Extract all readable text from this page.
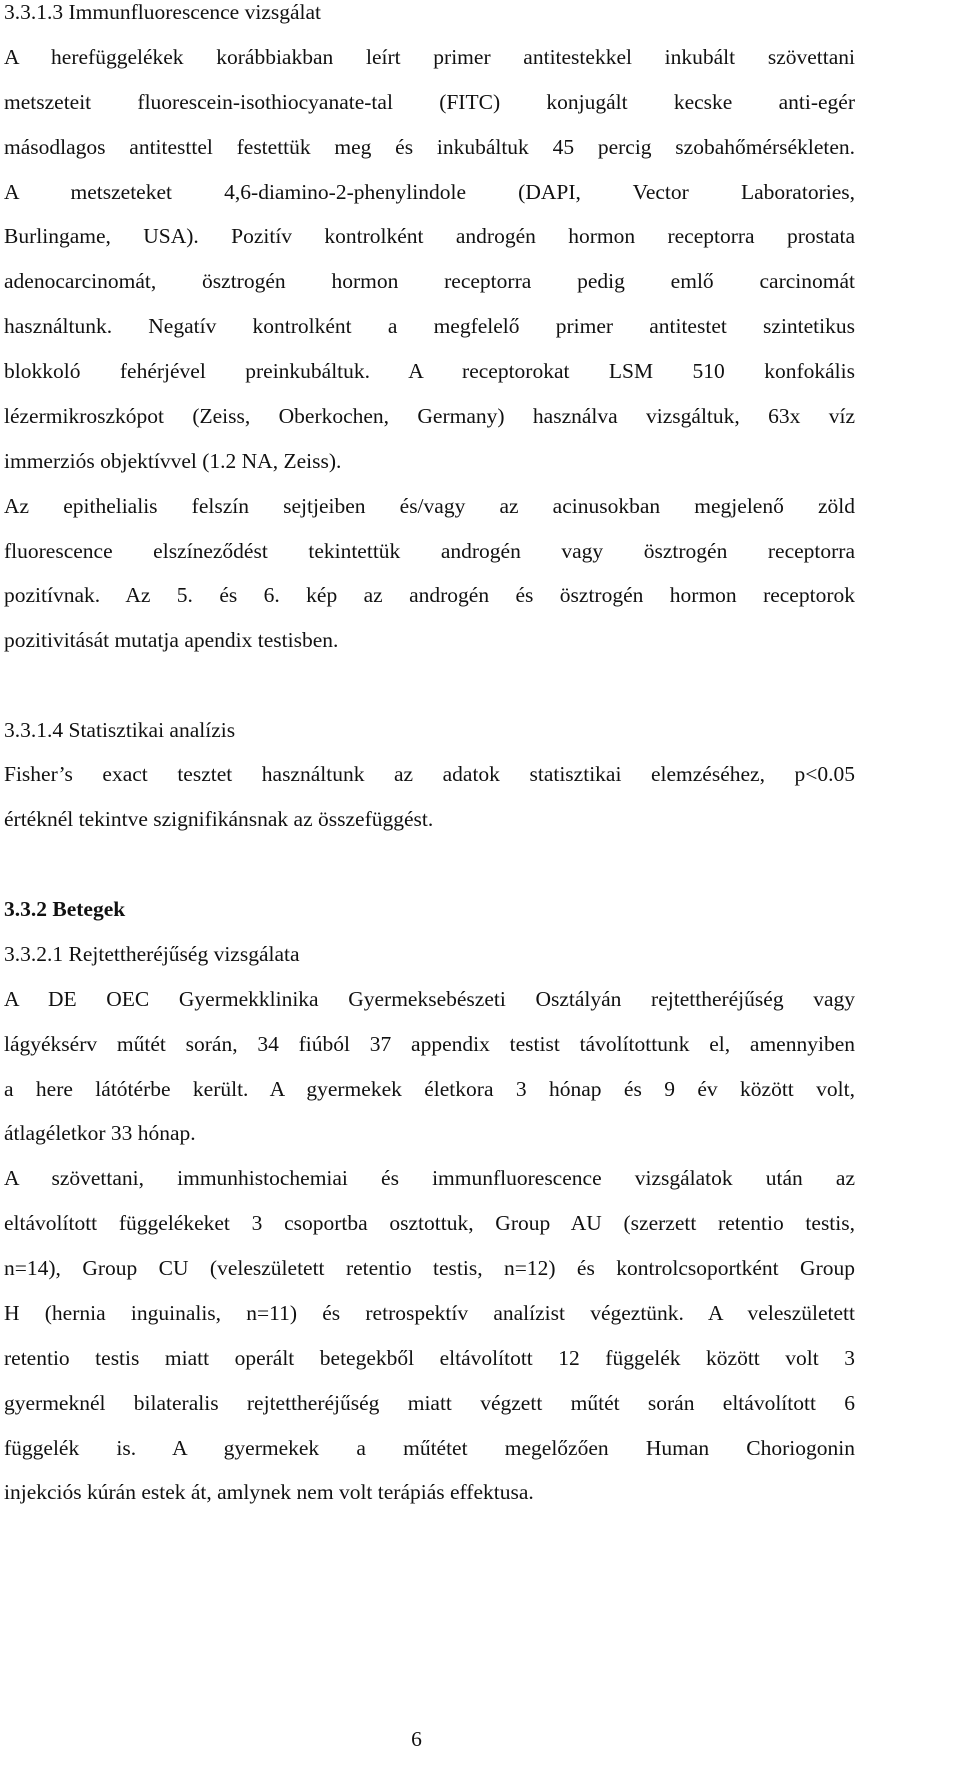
3.3.1.3 Immunfluorescence vizsgálat
A herefüggelékek korábbiakban leírt primer antitestekkel inkubált szövettani
metszeteit fluorescein-isothiocyanate-tal (FITC) konjugált kecske anti-egér
másodlagos antitesttel festettük meg és inkubáltuk 45 percig szobahőmérsékleten.
A metszeteket 4,6-diamino-2-phenylindole (DAPI, Vector Laboratories,
Burlingame, USA). Pozitív kontrolként androgén hormon receptorra prostata
adenocarcinomát, ösztrogén hormon receptorra pedig emlő carcinomát
használtunk. Negatív kontrolként a megfelelő primer antitestet szintetikus
blokkoló fehérjével preinkubáltuk. A receptorokat LSM 510 konfokális
lézermikroszkópot (Zeiss, Oberkochen, Germany) használva vizsgáltuk, 63x víz
immerziós objektívvel (1.2 NA, Zeiss).
Az epithelialis felszín sejtjeiben és/vagy az acinusokban megjelenő zöld
fluorescence elszíneződést tekintettük androgén vagy ösztrogén receptorra
pozitívnak. Az 5. és 6. kép az androgén és ösztrogén hormon receptorok
pozitivitását mutatja apendix testisben.
3.3.1.4 Statisztikai analízis
Fisher’s exact tesztet használtunk az adatok statisztikai elemzéséhez, p<0.05
értéknél tekintve szignifikánsnak az összefüggést.
3.3.2 Betegek
3.3.2.1 Rejtettheréjűség vizsgálata
A DE OEC Gyermekklinika Gyermeksebészeti Osztályán rejtettheréjűség vagy
lágyéksérv műtét során, 34 fiúból 37 appendix testist távolítottunk el, amennyiben
a here látótérbe került. A gyermekek életkora 3 hónap és 9 év között volt,
átlagéletkor 33 hónap.
A szövettani, immunhistochemiai és immunfluorescence vizsgálatok után az
eltávolított függelékeket 3 csoportba osztottuk, Group AU (szerzett retentio testis,
n=14), Group CU (veleszületett retentio testis, n=12) és kontrolcsoportként Group
H (hernia inguinalis, n=11) és retrospektív analízist végeztünk. A veleszületett
retentio testis miatt operált betegekből eltávolított 12 függelék között volt 3
gyermeknél bilateralis rejtettheréjűség miatt végzett műtét során eltávolított 6
függelék is. A gyermekek a műtétet megelőzően Human Choriogonin
injekciós kúrán estek át, amlynek nem volt terápiás effektusa.
6
